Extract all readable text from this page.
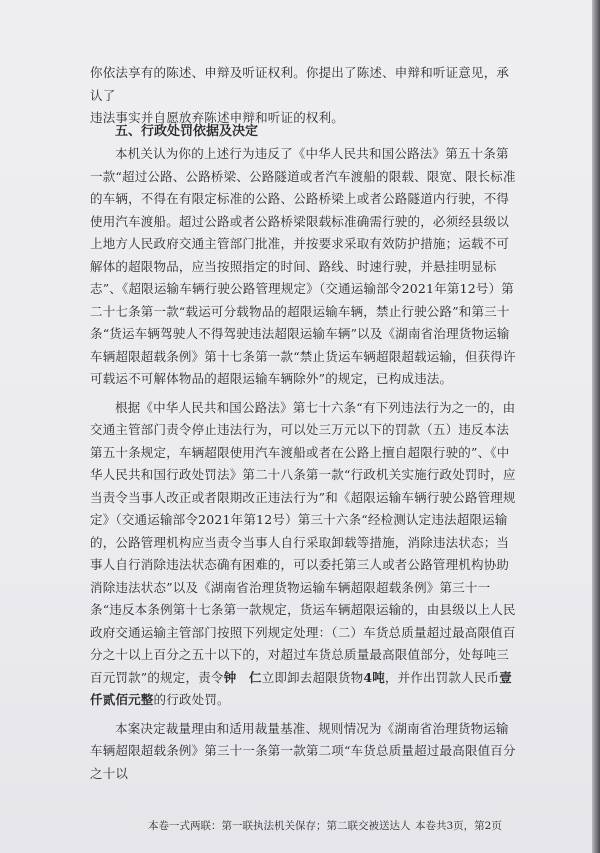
你依法享有的陈述、申辩及听证权利。你提出了陈述、申辩和听证意见，承认了
违法事实并自愿放弃陈述申辩和听证的权利。
五、行政处罚依据及决定

本机关认为你的上述行为违反了《中华人民共和国公路法》第五十条第一款“超过公路、公路桥梁、公路隧道或者汽车渡船的限载、限宽、限长标准的车辆，不得在有限定标准的公路、公路桥梁上或者公路隧道内行驶，不得使用汽车渡船。超过公路或者公路桥梁限载标准确需行驶的，必须经县级以上地方人民政府交通主管部门批准，并按要求采取有效防护措施；运载不可解体的超限物品，应当按照指定的时间、路线、时速行驶，并悬挂明显标志”、《超限运输车辆行驶公路管理规定》（交通运输部令2021年第12号）第二十七条第一款“载运可分载物品的超限运输车辆，禁止行驶公路”和第三十条“货运车辆驾驶人不得驾驶违法超限运输车辆”以及《湖南省治理货物运输车辆超限超载条例》第十七条第一款“禁止货运车辆超限超载运输，但获得许可载运不可解体物品的超限运输车辆除外”的规定，已构成违法。

根据《中华人民共和国公路法》第七十六条“有下列违法行为之一的，由交通主管部门责令停止违法行为，可以处三万元以下的罚款（五）违反本法第五十条规定，车辆超限使用汽车渡船或者在公路上擅自超限行驶的”、《中华人民共和国行政处罚法》第二十八条第一款“行政机关实施行政处罚时，应当责令当事人改正或者限期改正违法行为”和《超限运输车辆行驶公路管理规定》（交通运输部令2021年第12号）第三十六条“经检测认定违法超限运输的，公路管理机构应当责令当事人自行采取卸载等措施，消除违法状态；当事人自行消除违法状态确有困难的，可以委托第三人或者公路管理机构协助消除违法状态”以及《湖南省治理货物运输车辆超限超载条例》第三十一条“违反本条例第十七条第一款规定，货运车辆超限运输的，由县级以上人民政府交通运输主管部门按照下列规定处理：（二）车货总质量超过最高限值百分之十以上百分之五十以下的，对超过车货总质量最高限值部分，处每吨三百元罚款”的规定，责令钟　仁立即卸去超限货物4吨，并作出罚款人民币壹仟贰佰元整的行政处罚。

本案决定裁量理由和适用裁量基准、规则情况为《湖南省治理货物运输车辆超限超载条例》第三十一条第一款第二项“车货总质量超过最高限值百分之十以

本卷一式两联：第一联执法机关保存；第二联交被送达人 本卷共3页，第2页
